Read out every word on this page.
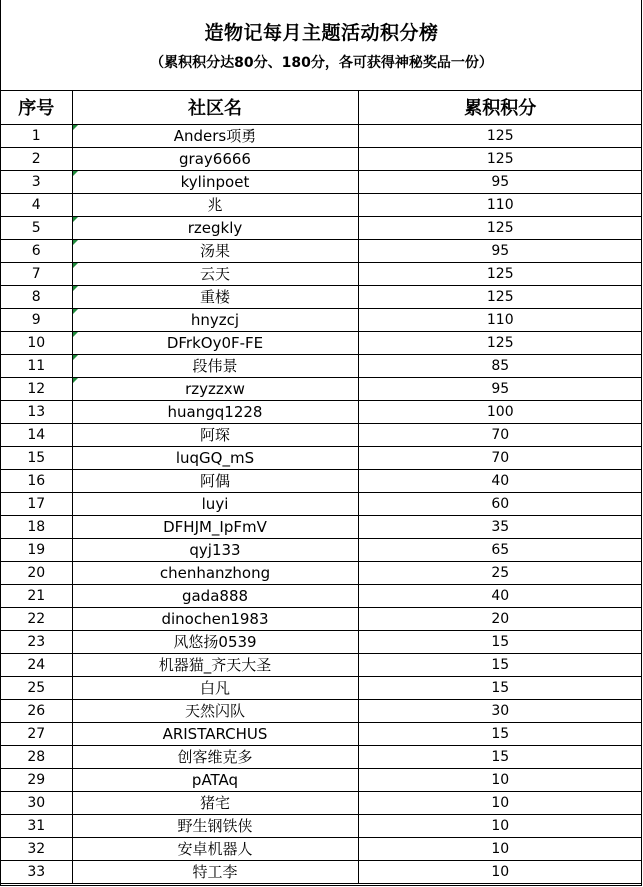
造物记每月主题活动积分榜
（累积积分达80分、180分，各可获得神秘奖品一份）
序号	社区名	累积积分
1	Anders项勇	125
2	gray6666	125
3	kylinpoet	95
4	兆	110
5	rzegkly	125
6	汤果	95
7	云天	125
8	重楼	125
9	hnyzcj	110
10	DFrkOy0F-FE	125
11	段伟景	85
12	rzyzzxw	95
13	huangq1228	100
14	阿琛	70
15	luqGQ_mS	70
16	阿偶	40
17	luyi	60
18	DFHJM_IpFmV	35
19	qyj133	65
20	chenhanzhong	25
21	gada888	40
22	dinochen1983	20
23	风悠扬0539	15
24	机器猫_齐天大圣	15
25	白凡	15
26	天然闪队	30
27	ARISTARCHUS	15
28	创客维克多	15
29	pATAq	10
30	猪宅	10
31	野生钢铁侠	10
32	安卓机器人	10
33	特工李	10
